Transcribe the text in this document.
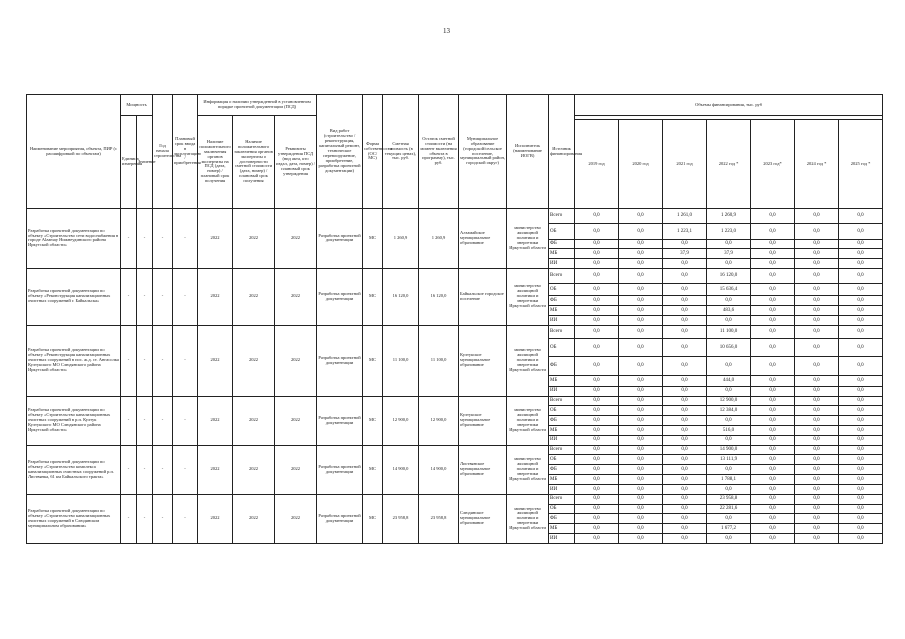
13
Наименование мероприятия, объекта, ПИР (с расшифровкой по объектам)	Мощность		Год начала строительства	Плановый срок ввода в эксплуатацию / приобретения	Информация о наличии утвержденной в установленном порядке проектной документации (ПСД)			Вид работ (строительство / реконструкция, капитальный ремонт, техническое перевооружение, приобретение, разработка проектной документации)	Форма собственности (ОС/МС)	Сметная стоимость (в текущих ценах), тыс. руб.	Остаток сметной стоимости (на момент включения объекта в программу), тыс. руб.	Муниципальное образование (городской/сельское поселение, муниципальный район, городской округ)	Исполнитель (наименование ИОГВ)	Источник финансирования	Объемы финансирования, тыс. руб						
	Единица измерения	Значение			Наличие положительного заключения органов экспертизы на ПСД (дата, номер) / плановый срок получения	Наличие положительного заключения органов экспертизы о достоверности сметной стоимости (дата, номер) / плановый срок получения	Реквизиты утверждения ПСД (вид акта, кто издал, дата, номер) / плановый срок утверждения														
															2019 год	2020 год	2021 год	2022 год *	2023 год*	2024 год *	2025 год *
Разработка проектной документации по объекту «Строительство сети водоснабжения в городе Alzamay Нижнеудинского района Иркутской области»	-	-	-	-	2022	2022	2022	Разработка проектной документации	МС	1 260,9	1 260,9	Алзамайское муниципальное образование	министерство жилищной политики и энергетики Иркутской области	Всего	0,0	0,0	1 261,0	1 260,9	0,0	0,0	0,0
														ОБ	0,0	0,0	1 223,1	1 223,0	0,0	0,0	0,0
														ФБ	0,0	0,0	0,0	0,0	0,0	0,0	0,0
														МБ	0,0	0,0	37,9	37,9	0,0	0,0	0,0
														ИИ	0,0	0,0	0,0	0,0	0,0	0,0	0,0
Разработка проектной документации по объекту «Реконструкция канализационных очистных сооружений г. Байкальска»	-	-	-	-	2022	2022	2022	Разработка проектной документации	МС	16 120,0	16 120,0	Байкальское городское поселение	министерство жилищной политики и энергетики Иркутской области	Всего	0,0	0,0	0,0	16 120,0	0,0	0,0	0,0
														ОБ	0,0	0,0	0,0	15 636,4	0,0	0,0	0,0
														ФБ	0,0	0,0	0,0	0,0	0,0	0,0	0,0
														МБ	0,0	0,0	0,0	483,6	0,0	0,0	0,0
														ИИ	0,0	0,0	0,0	0,0	0,0	0,0	0,0
Разработка проектной документации по объекту «Реконструкция канализационных очистных сооружений в пос. ж.д. ст. Ангасолка Култукского МО Слюдянского района Иркутской области»	-	-	-	-	2022	2022	2022	Разработка проектной документации	МС	11 100,0	11 100,0	Култукское муниципальное образование	министерство жилищной политики и энергетики Иркутской области	Всего	0,0	0,0	0,0	11 100,0	0,0	0,0	0,0
														ОБ	0,0	0,0	0,0	10 656,0	0,0	0,0	0,0
														ФБ	0,0	0,0	0,0	0,0	0,0	0,0	0,0
														МБ	0,0	0,0	0,0	444,0	0,0	0,0	0,0
														ИИ	0,0	0,0	0,0	0,0	0,0	0,0	0,0
Разработка проектной документации по объекту «Строительство канализационных очистных сооружений в р.п. Култук Култукского МО Слюдянского района Иркутской области»	-	-	-	-	2022	2022	2022	Разработка проектной документации	МС	12 900,0	12 900,0	Култукское муниципальное образование	министерство жилищной политики и энергетики Иркутской области	Всего	0,0	0,0	0,0	12 900,0	0,0	0,0	0,0
														ОБ	0,0	0,0	0,0	12 384,0	0,0	0,0	0,0
														ФБ	0,0	0,0	0,0	0,0	0,0	0,0	0,0
														МБ	0,0	0,0	0,0	516,0	0,0	0,0	0,0
														ИИ	0,0	0,0	0,0	0,0	0,0	0,0	0,0
Разработка проектной документации по объекту «Строительство комплекса канализационных очистных сооружений р.п. Листвянка, 61 км Байкальского тракта»	-	-	-	-	2022	2022	2022	Разработка проектной документации	МС	14 900,0	14 900,0	Листвянское муниципальное образование	министерство жилищной политики и энергетики Иркутской области	Всего	0,0	0,0	0,0	14 900,0	0,0	0,0	0,0
														ОБ	0,0	0,0	0,0	13 111,9	0,0	0,0	0,0
														ФБ	0,0	0,0	0,0	0,0	0,0	0,0	0,0
														МБ	0,0	0,0	0,0	1 788,1	0,0	0,0	0,0
														ИИ	0,0	0,0	0,0	0,0	0,0	0,0	0,0
Разработка проектной документации по объекту «Строительство канализационных очистных сооружений в Слюдянском муниципальном образовании»	-	-	-	-	2022	2022	2022	Разработка проектной документации	МС	23 958,8	23 958,8	Слюдянское муниципальное образование	министерство жилищной политики и энергетики Иркутской области	Всего	0,0	0,0	0,0	23 958,8	0,0	0,0	0,0
														ОБ	0,0	0,0	0,0	22 281,6	0,0	0,0	0,0
														ФБ	0,0	0,0	0,0	0,0	0,0	0,0	0,0
														МБ	0,0	0,0	0,0	1 677,2	0,0	0,0	0,0
														ИИ	0,0	0,0	0,0	0,0	0,0	0,0	0,0
